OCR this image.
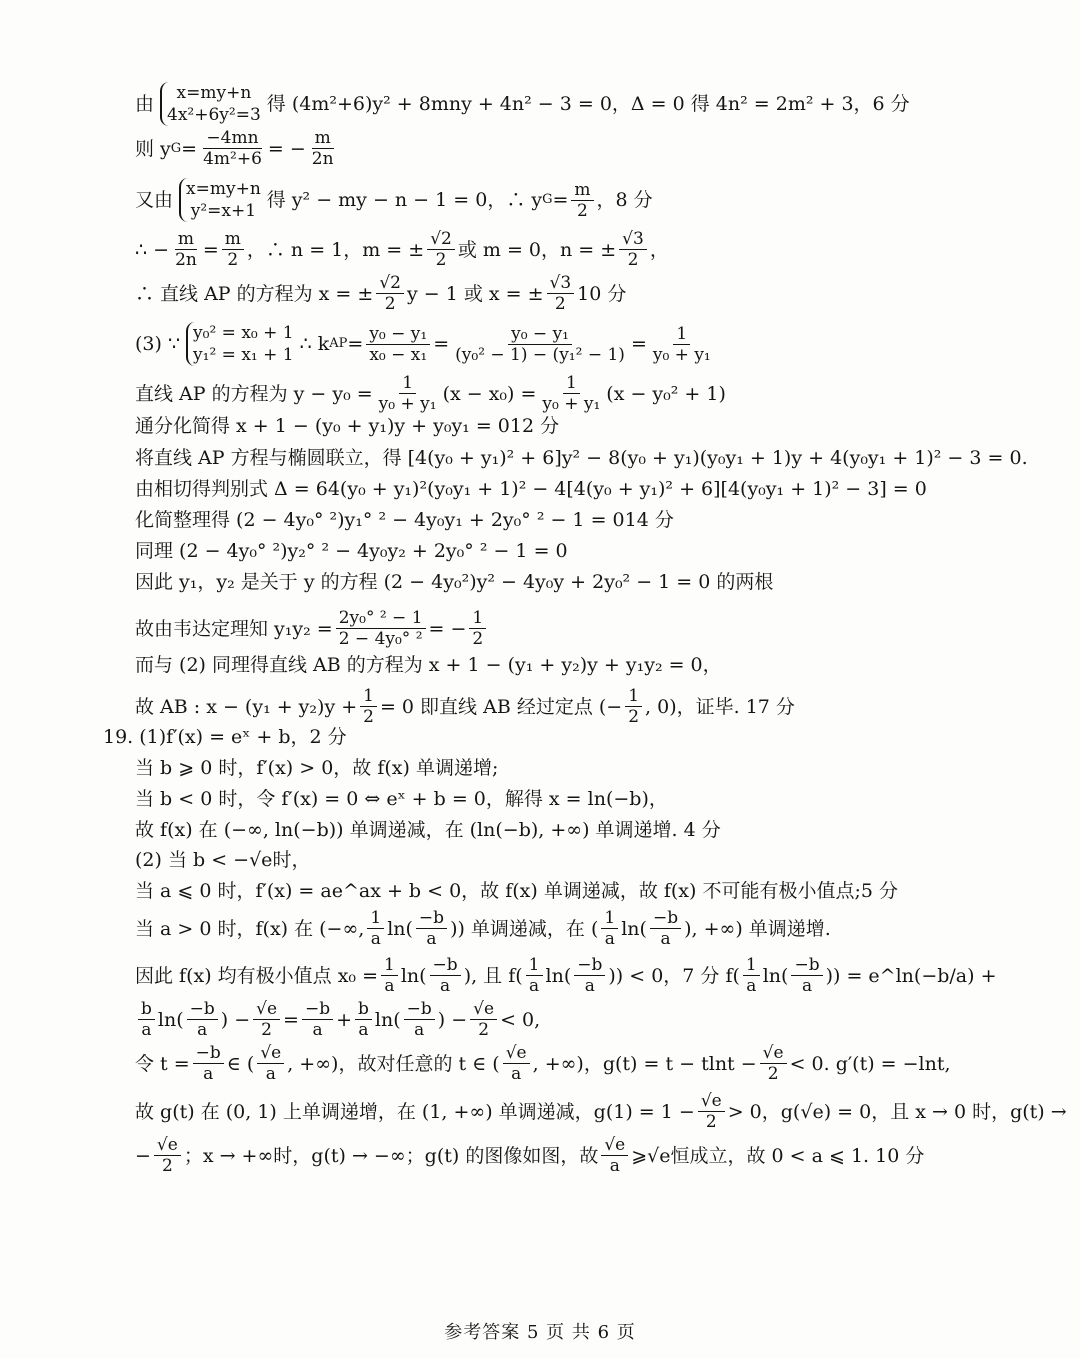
由 x=my+n
4x²+6y²=3 得 (4m²+6)y² + 8mny + 4n² − 3 = 0，Δ = 0 得 4n² = 2m² + 3，6 分
则 y $G = \frac{-4mn}{\text{4m²+6}}$ = − $\frac{m}{2n}$
又由 x=my+n
y²=x+1 得 y² − my − n − 1 = 0，∴ y $G = \frac{m}{2}$ ，8 分
∴ − $\frac{m}{2n} = \frac{m}{2}$ ，∴ n = 1，m = ± $\frac{√2}{2}$ 或 m = 0，n = ± $\frac{√3}{2}$ ，
∴ 直线 AP 的方程为 x = ± $\frac{√2}{2}$ y − 1 或 x = ± $\frac{√3}{2} 10$ 分
(3) ∵ y₀² = x₀ + 1
y₁² = x₁ + 1 ∴ k AP = $\frac{\text{y₀ − y₁}}{\text{x₀ − x₁}} = \frac{\text{y₀ − y₁}}{\text{(y₀² − 1) − (y₁² − 1)}} = \frac{1}{\text{y₀ + y₁}}$
直线 AP 的方程为 $y - y_0 = \frac{1}{\text{y₀ + y₁}} (x - x_0) = \frac{1}{\text{y₀ + y₁}} (x - y_0^2 + 1)$
通分化简得 x + 1 − (y₀ + y₁)y + y₀y₁ = 012 分
将直线 AP 方程与椭圆联立，得 [4(y₀ + y₁)² + 6]y² − 8(y₀ + y₁)(y₀y₁ + 1)y + 4(y₀y₁ + 1)² − 3 = 0.
由相切得判别式 Δ = 64(y₀ + y₁)²(y₀y₁ + 1)² − 4[4(y₀ + y₁)² + 6][4(y₀y₁ + 1)² − 3] = 0
化简整理得 (2 − 4y₀° ²)y₁° ² − 4y₀y₁ + 2y₀° ² − 1 = 014 分
同理 (2 − 4y₀° ²)y₂° ² − 4y₀y₂ + 2y₀° ² − 1 = 0
因此 y₁，y₂ 是关于 y 的方程 (2 − 4y₀²)y² − 4y₀y + 2y₀² − 1 = 0 的两根
故由韦达定理知 $y_1y_2 = \frac{\text{2y₀° ² − 1}}{\text{2 − 4y₀° ²}}$ = − $\frac{1}{2}$
而与 (2) 同理得直线 AB 的方程为 x + 1 − (y₁ + y₂)y + y₁y₂ = 0，
故 AB : $x - (y_1 + y_2)y + \frac{1}{2} = 0$ 即直线 AB 经过定点 (− $\frac{1}{2}$ , 0)，证毕. 17 分
19. (1)f′(x) = eˣ + b，2 分
当 b ⩾ 0 时，f′(x) > 0，故 f(x) 单调递增;
当 b < 0 时，令 f′(x) = 0 ⇔ eˣ + b = 0，解得 x = ln(−b)，
故 f(x) 在 (−∞, ln(−b)) 单调递减，在 (ln(−b), +∞) 单调递增. 4 分
(2) 当 b < − √e 时，
当 a ⩽ 0 时，f′(x) = ae^ax + b < 0，故 f(x) 单调递减，故 f(x) 不可能有极小值点;5 分
当 a > 0 时，f(x) 在 (−∞, $\frac{1}{a} \ln( \frac{-b}{a}$ )) 单调递减，在 ( $\frac{1}{a} \ln( \frac{-b}{a}$ ), +∞) 单调递增.
因此 f(x) 均有极小值点 $x_0 = \frac{1}{a} \ln( \frac{-b}{a}$ ), 且 $f( \frac{1}{a} \ln( \frac{-b}{a}$ )) < 0，7 分 $f( \frac{1}{a} \ln( \frac{-b}{a}$ )) = e^ln(−b/a) +
$\frac{b}{a} \ln( \frac{-b}{a}$ ) − $\frac{√e}{2} = \frac{-b}{a} + \frac{b}{a} \ln( \frac{-b}{a}$ ) − $\frac{√e}{2} < 0$,
令 $t = \frac{-b}{a}$ ∈ ( $\frac{√e}{a}$ , +∞)，故对任意的 t ∈ ( $\frac{√e}{a}$ , +∞)，$g(t) = t - tlnt - \frac{√e}{2} < 0$. g′(t) = −lnt,
故 g(t) 在 (0, 1) 上单调递增，在 (1, +∞) 单调递减，$g(1) = 1 - \frac{√e}{2} > 0$，g( √e ) = 0，且 x → 0 时，g(t) →
− $\frac{√e}{2}$ ；x → +∞时，g(t) → −∞；g(t) 的图像如图，故 $\frac{√e}{a}$ ⩾ √e 恒成立，故 0 < a ⩽ 1. 10 分
参考答案 5 页 共 6 页
